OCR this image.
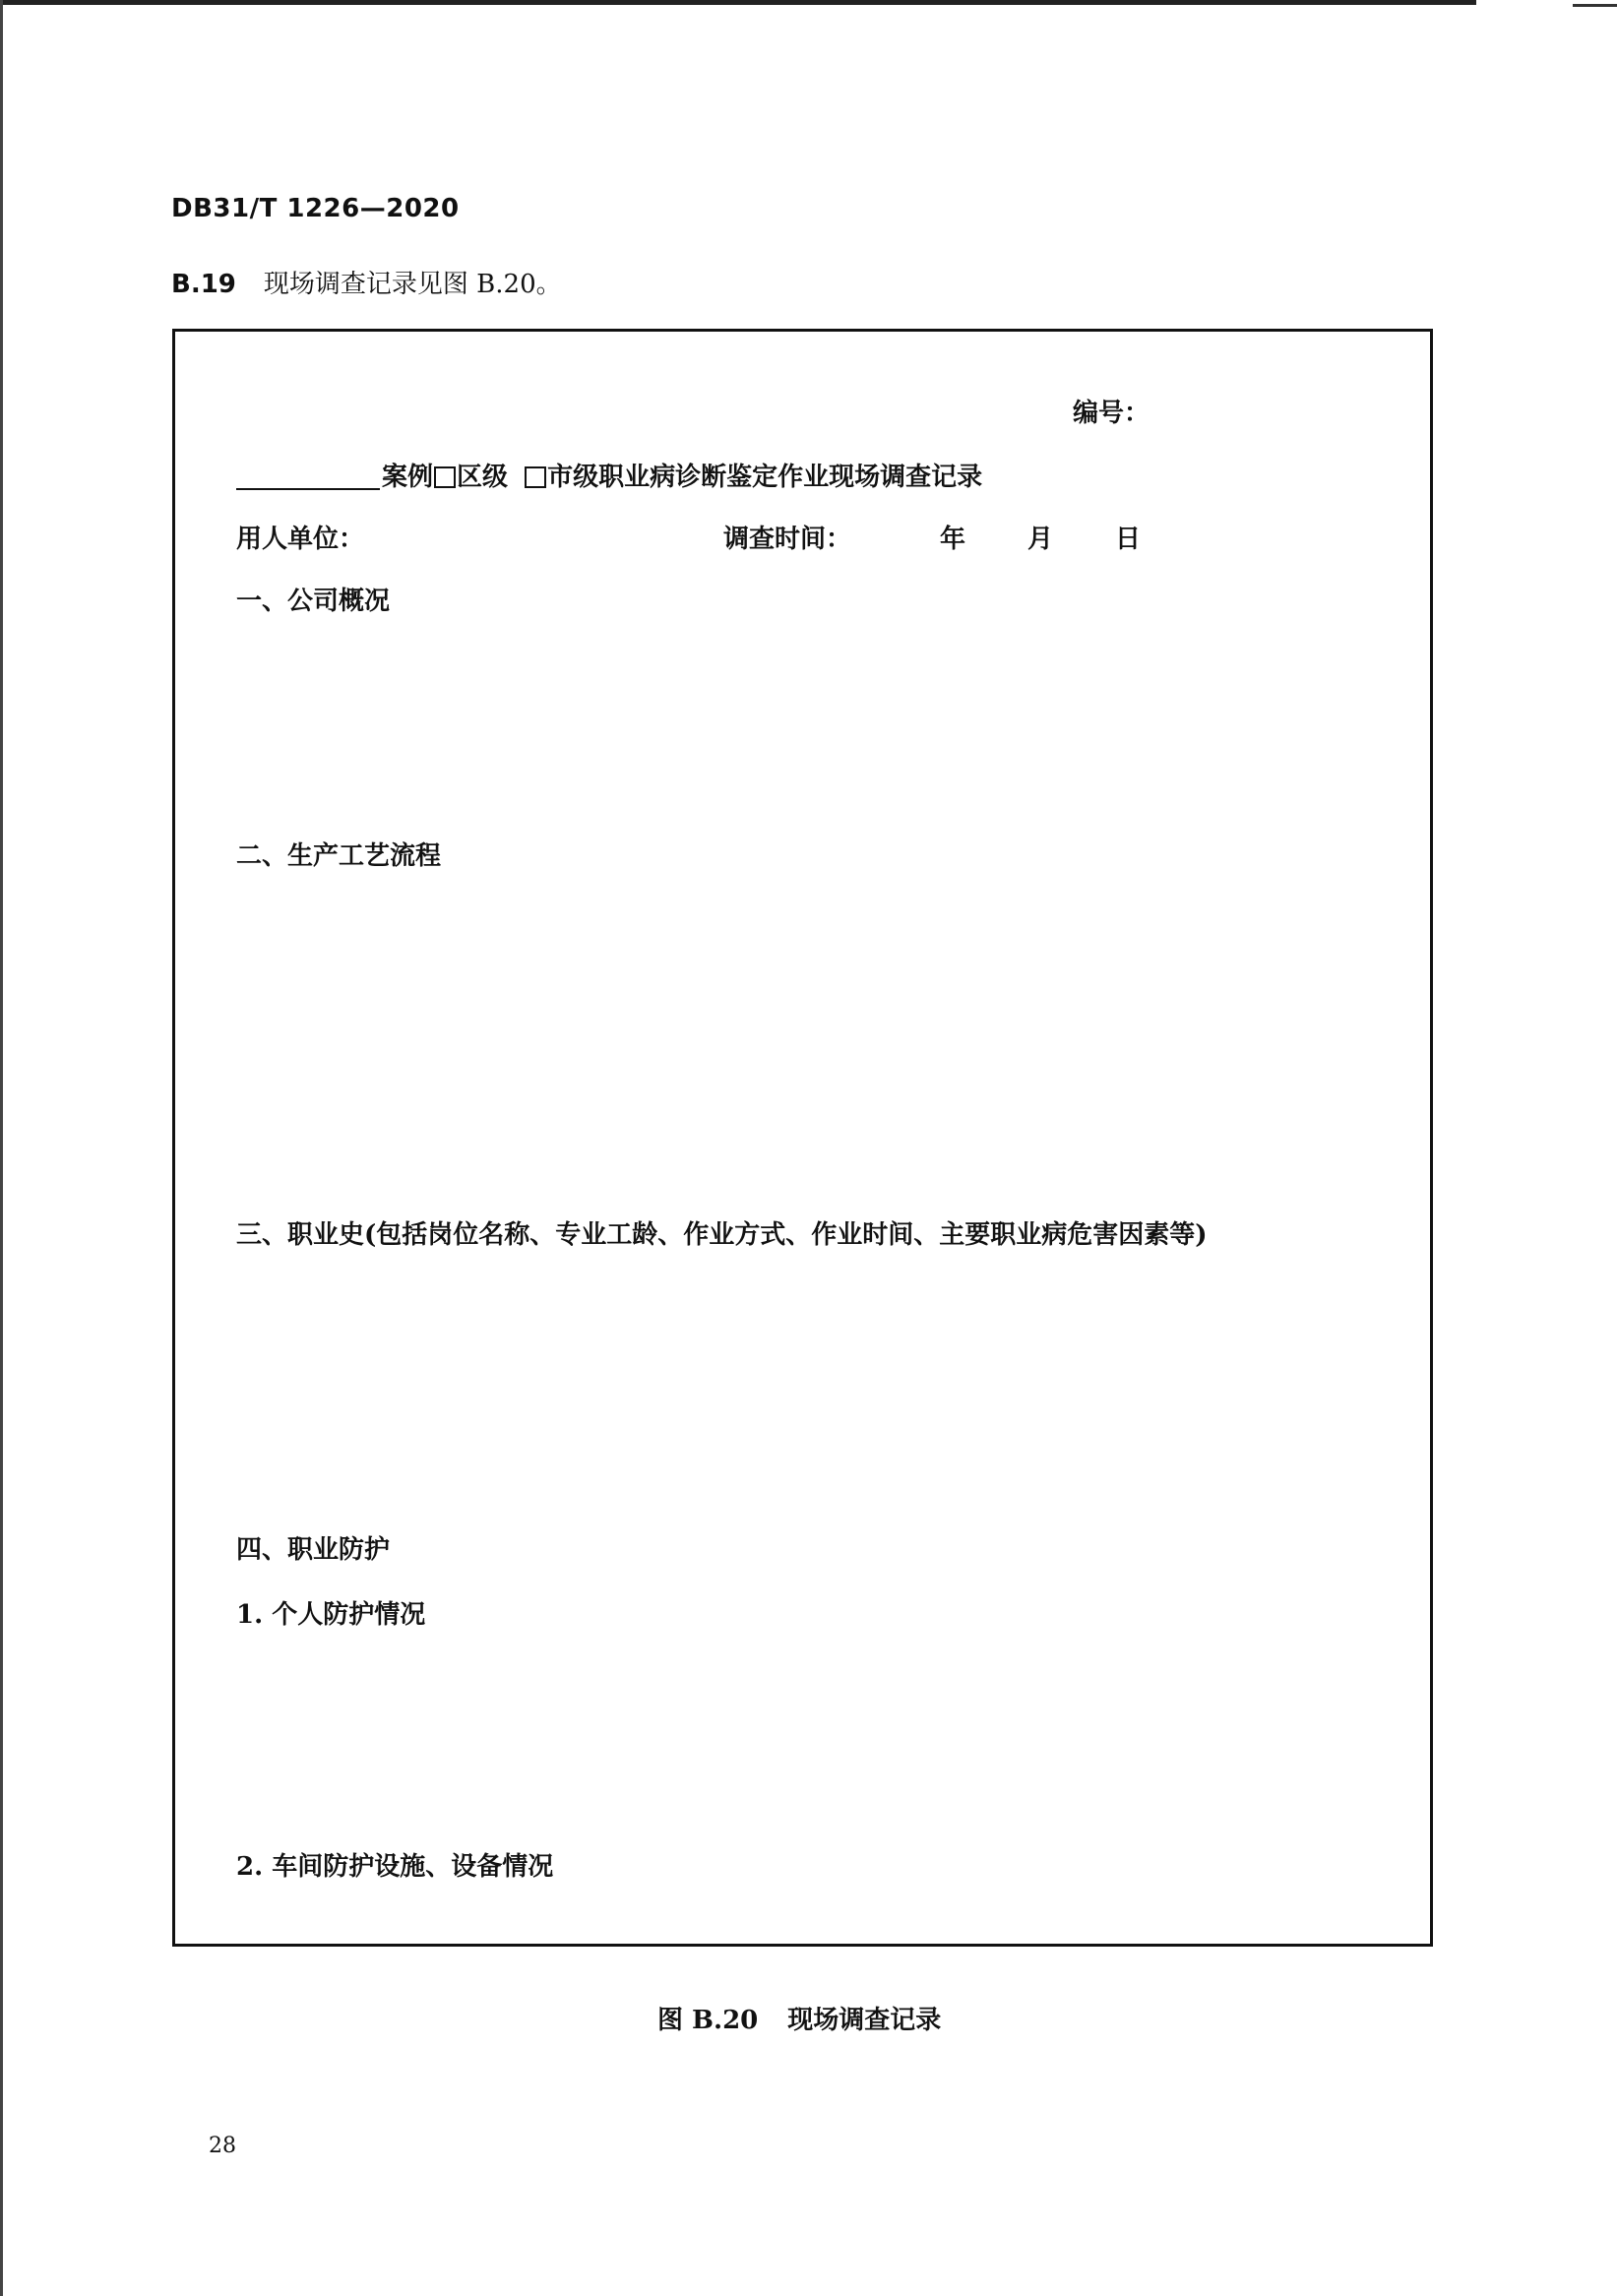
DB31/T 1226—2020
B.19 现场调查记录见图 B.20。
编号：
案例 区级 市级职业病诊断鉴定作业现场调查记录
用人单位：	调查时间：	年 月 日
一、公司概况
二、生产工艺流程
三、职业史(包括岗位名称、专业工龄、作业方式、作业时间、主要职业病危害因素等)
四、职业防护
1. 个人防护情况
2. 车间防护设施、设备情况
图 B.20 现场调查记录
28
